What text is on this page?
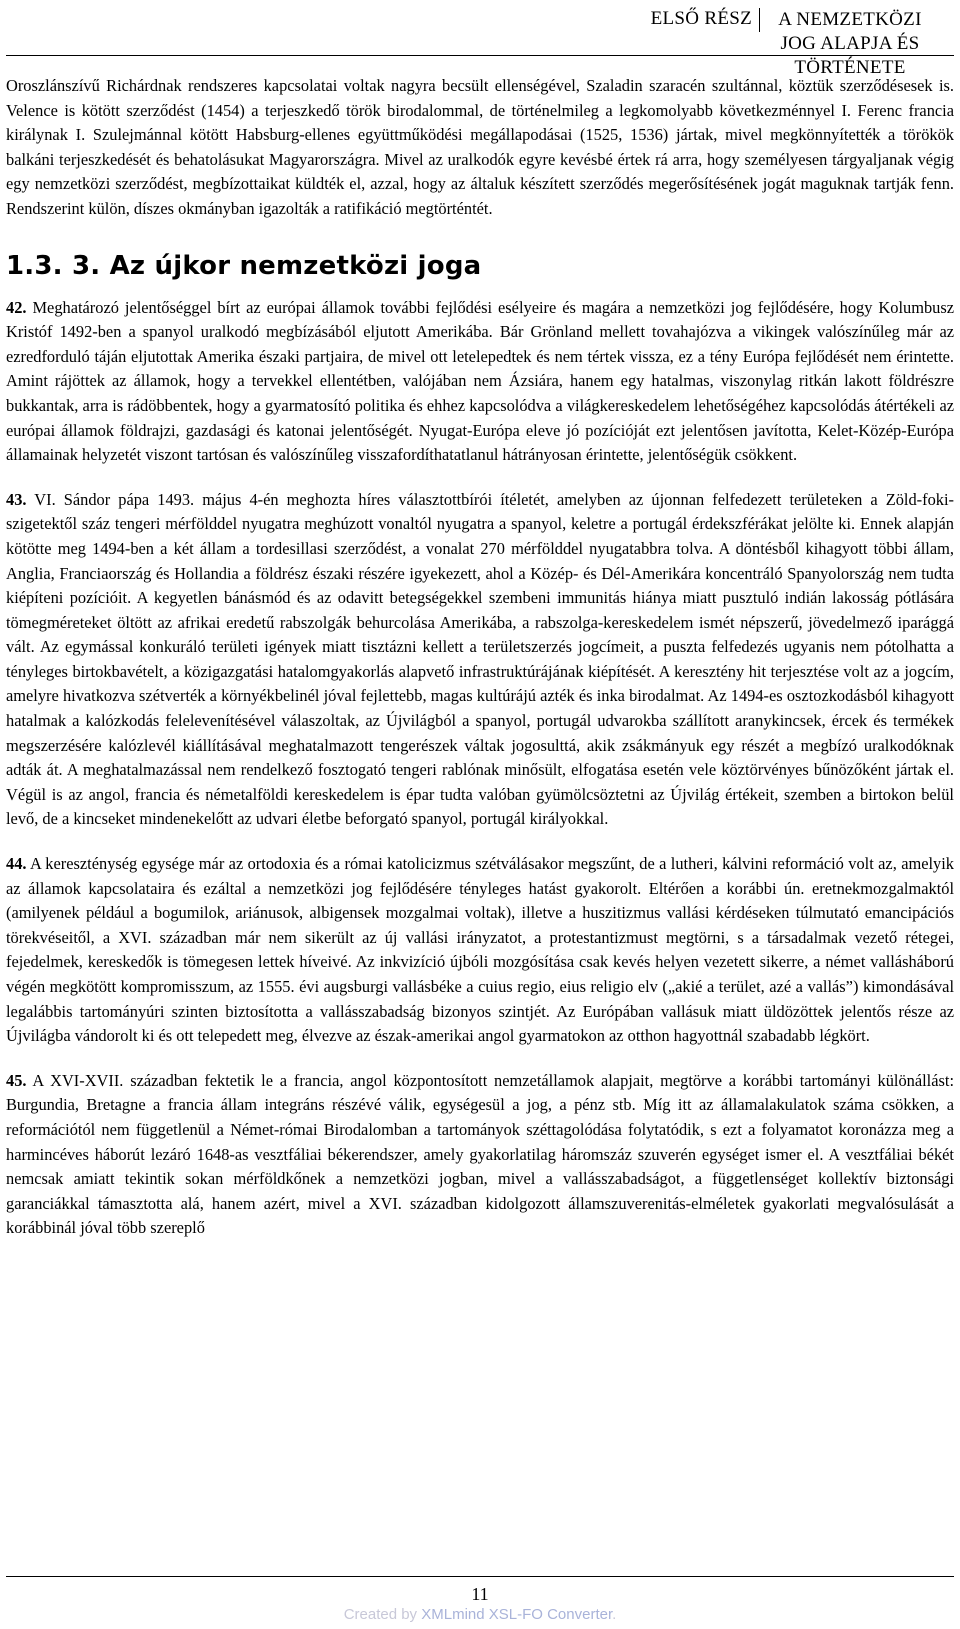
ELSŐ RÉSZ	A NEMZETKÖZI
JOG ALAPJA ÉS TÖRTÉNETE

Oroszlánszívű Richárdnak rendszeres kapcsolatai voltak nagyra becsült ellenségével, Szaladin szaracén szultánnal, köztük szerződésesek is. Velence is kötött szerződést (1454) a terjeszkedő török birodalommal, de történelmileg a legkomolyabb következménnyel I. Ferenc francia királynak I. Szulejmánnal kötött Habsburg-ellenes együttműködési megállapodásai (1525, 1536) jártak, mivel megkönnyítették a törökök balkáni terjeszkedését és behatolásukat Magyarországra. Mivel az uralkodók egyre kevésbé értek rá arra, hogy személyesen tárgyaljanak végig egy nemzetközi szerződést, megbízottaikat küldték el, azzal, hogy az általuk készített szerződés megerősítésének jogát maguknak tartják fenn. Rendszerint külön, díszes okmányban igazolták a ratifikáció megtörténtét.

1.3. 3. Az újkor nemzetközi joga

42. Meghatározó jelentőséggel bírt az európai államok további fejlődési esélyeire és magára a nemzetközi jog fejlődésére, hogy Kolumbusz Kristóf 1492-ben a spanyol uralkodó megbízásából eljutott Amerikába. Bár Grönland mellett tovahajózva a vikingek valószínűleg már az ezredforduló táján eljutottak Amerika északi partjaira, de mivel ott letelepedtek és nem tértek vissza, ez a tény Európa fejlődését nem érintette. Amint rájöttek az államok, hogy a tervekkel ellentétben, valójában nem Ázsiára, hanem egy hatalmas, viszonylag ritkán lakott földrészre bukkantak, arra is rádöbbentek, hogy a gyarmatosító politika és ehhez kapcsolódva a világkereskedelem lehetőségéhez kapcsolódás átértékeli az európai államok földrajzi, gazdasági és katonai jelentőségét. Nyugat-Európa eleve jó pozícióját ezt jelentősen javította, Kelet-Közép-Európa államainak helyzetét viszont tartósan és valószínűleg visszafordíthatatlanul hátrányosan érintette, jelentőségük csökkent.

43. VI. Sándor pápa 1493. május 4-én meghozta híres választottbírói ítéletét, amelyben az újonnan felfedezett területeken a Zöld-foki-szigetektől száz tengeri mérfölddel nyugatra meghúzott vonaltól nyugatra a spanyol, keletre a portugál érdekszférákat jelölte ki. Ennek alapján kötötte meg 1494-ben a két állam a tordesillasi szerződést, a vonalat 270 mérfölddel nyugatabbra tolva. A döntésből kihagyott többi állam, Anglia, Franciaország és Hollandia a földrész északi részére igyekezett, ahol a Közép- és Dél-Amerikára koncentráló Spanyolország nem tudta kiépíteni pozícióit. A kegyetlen bánásmód és az odavitt betegségekkel szembeni immunitás hiánya miatt pusztuló indián lakosság pótlására tömegméreteket öltött az afrikai eredetű rabszolgák behurcolása Amerikába, a rabszolga-kereskedelem ismét népszerű, jövedelmező iparággá vált. Az egymással konkuráló területi igények miatt tisztázni kellett a területszerzés jogcímeit, a puszta felfedezés ugyanis nem pótolhatta a tényleges birtokbavételt, a közigazgatási hatalomgyakorlás alapvető infrastruktúrájának kiépítését. A keresztény hit terjesztése volt az a jogcím, amelyre hivatkozva szétverték a környékbelinél jóval fejlettebb, magas kultúrájú azték és inka birodalmat. Az 1494-es osztozkodásból kihagyott hatalmak a kalózkodás felelevenítésével válaszoltak, az Újvilágból a spanyol, portugál udvarokba szállított aranykincsek, ércek és termékek megszerzésére kalózlevél kiállításával meghatalmazott tengerészek váltak jogosulttá, akik zsákmányuk egy részét a megbízó uralkodóknak adták át. A meghatalmazással nem rendelkező fosztogató tengeri rablónak minősült, elfogatása esetén vele köztörvényes bűnözőként jártak el. Végül is az angol, francia és németalföldi kereskedelem is épar tudta valóban gyümölcsöztetni az Újvilág értékeit, szemben a birtokon belül levő, de a kincseket mindenekelőtt az udvari életbe beforgató spanyol, portugál királyokkal.

44. A kereszténység egysége már az ortodoxia és a római katolicizmus szétválásakor megszűnt, de a lutheri, kálvini reformáció volt az, amelyik az államok kapcsolataira és ezáltal a nemzetközi jog fejlődésére tényleges hatást gyakorolt. Eltérően a korábbi ún. eretnekmozgalmaktól (amilyenek például a bogumilok, ariánusok, albigensek mozgalmai voltak), illetve a huszitizmus vallási kérdéseken túlmutató emancipációs törekvéseitől, a XVI. században már nem sikerült az új vallási irányzatot, a protestantizmust megtörni, s a társadalmak vezető rétegei, fejedelmek, kereskedők is tömegesen lettek híveivé. Az inkvizíció újbóli mozgósítása csak kevés helyen vezetett sikerre, a német vallásháború végén megkötött kompromisszum, az 1555. évi augsburgi vallásbéke a cuius regio, eius religio elv („akié a terület, azé a vallás”) kimondásával legalábbis tartományúri szinten biztosította a vallásszabadság bizonyos szintjét. Az Európában vallásuk miatt üldözöttek jelentős része az Újvilágba vándorolt ki és ott telepedett meg, élvezve az észak-amerikai angol gyarmatokon az otthon hagyottnál szabadabb légkört.

45. A XVI-XVII. században fektetik le a francia, angol központosított nemzetállamok alapjait, megtörve a korábbi tartományi különállást: Burgundia, Bretagne a francia állam integráns részévé válik, egységesül a jog, a pénz stb. Míg itt az államalakulatok száma csökken, a reformációtól nem függetlenül a Német-római Birodalomban a tartományok széttagolódása folytatódik, s ezt a folyamatot koronázza meg a harmincéves háborút lezáró 1648-as vesztfáliai békerendszer, amely gyakorlatilag háromszáz szuverén egységet ismer el. A vesztfáliai békét nemcsak amiatt tekintik sokan mérföldkőnek a nemzetközi jogban, mivel a vallásszabadságot, a függetlenséget kollektív biztonsági garanciákkal támasztotta alá, hanem azért, mivel a XVI. században kidolgozott államszuverenitás-elméletek gyakorlati megvalósulását a korábbinál jóval több szereplő

11
Created by XMLmind XSL-FO Converter.
